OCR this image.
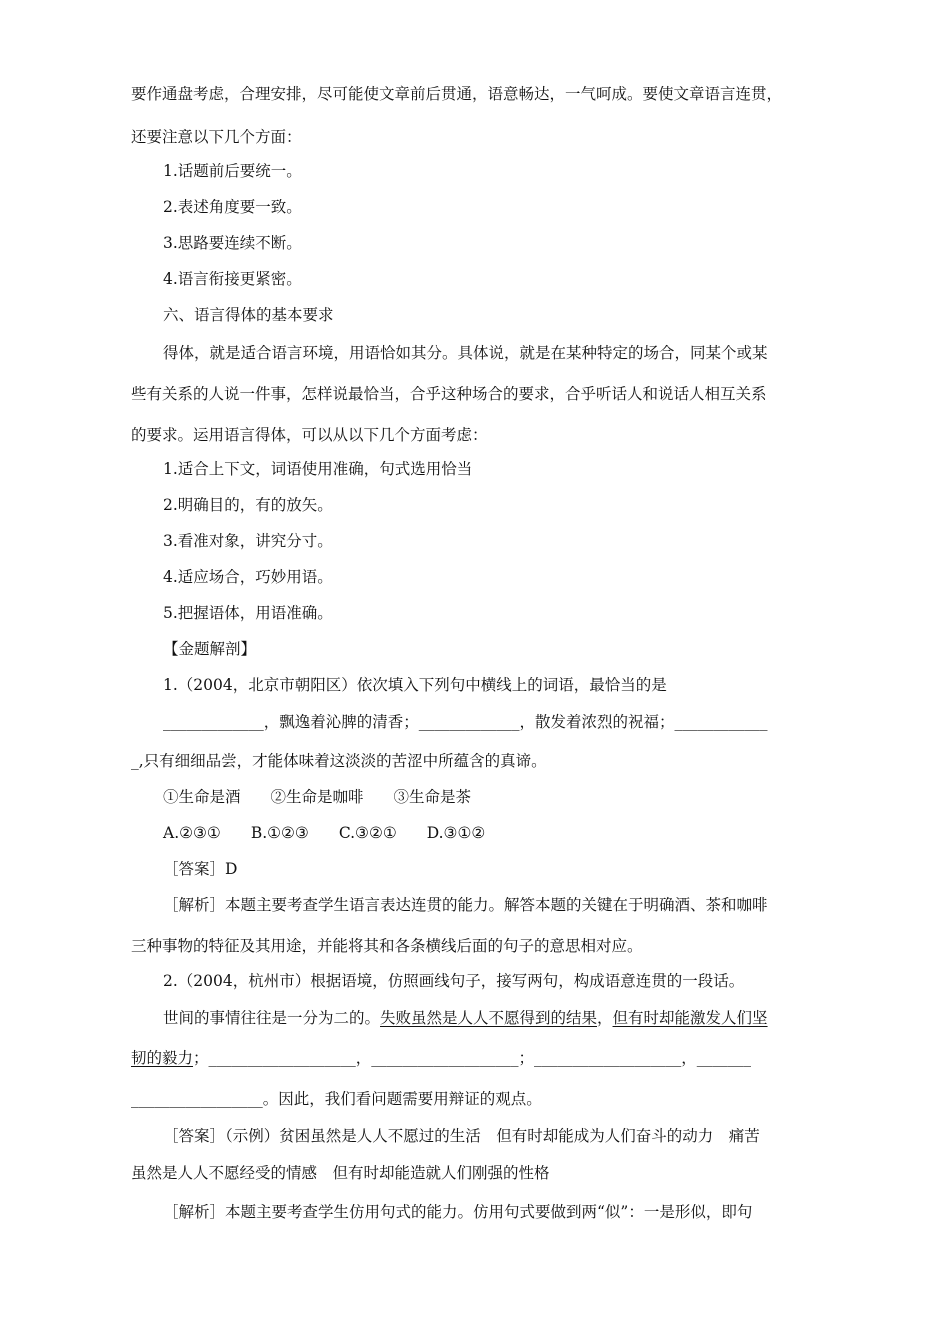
要作通盘考虑，合理安排，尽可能使文章前后贯通，语意畅达，一气呵成。要使文章语言连贯，
还要注意以下几个方面：
1.话题前后要统一。
2.表述角度要一致。
3.思路要连续不断。
4.语言衔接更紧密。
六、语言得体的基本要求
得体，就是适合语言环境，用语恰如其分。具体说，就是在某种特定的场合，同某个或某
些有关系的人说一件事，怎样说最恰当，合乎这种场合的要求，合乎听话人和说话人相互关系
的要求。运用语言得体，可以从以下几个方面考虑：
1.适合上下文，词语使用准确，句式选用恰当
2.明确目的，有的放矢。
3.看准对象，讲究分寸。
4.适应场合，巧妙用语。
5.把握语体，用语准确。
【金题解剖】
1.（2004，北京市朝阳区）依次填入下列句中横线上的词语，最恰当的是
_____________，飘逸着沁脾的清香；_____________，散发着浓烈的祝福；____________
_,只有细细品尝，才能体味着这淡淡的苦涩中所蕴含的真谛。
①生命是酒 ②生命是咖啡 ③生命是茶
A.②③① B.①②③ C.③②① D.③①②
［答案］D
［解析］本题主要考查学生语言表达连贯的能力。解答本题的关键在于明确酒、茶和咖啡
三种事物的特征及其用途，并能将其和各条横线后面的句子的意思相对应。
2.（2004，杭州市）根据语境，仿照画线句子，接写两句，构成语意连贯的一段话。
世间的事情往往是一分为二的。失败虽然是人人不愿得到的结果，但有时却能激发人们坚
韧的毅力；___________________，___________________；___________________，_______
_________________。因此，我们看问题需要用辩证的观点。
［答案］（示例）贫困虽然是人人不愿过的生活　但有时却能成为人们奋斗的动力　痛苦
虽然是人人不愿经受的情感　但有时却能造就人们刚强的性格
［解析］本题主要考查学生仿用句式的能力。仿用句式要做到两“似”：一是形似，即句
